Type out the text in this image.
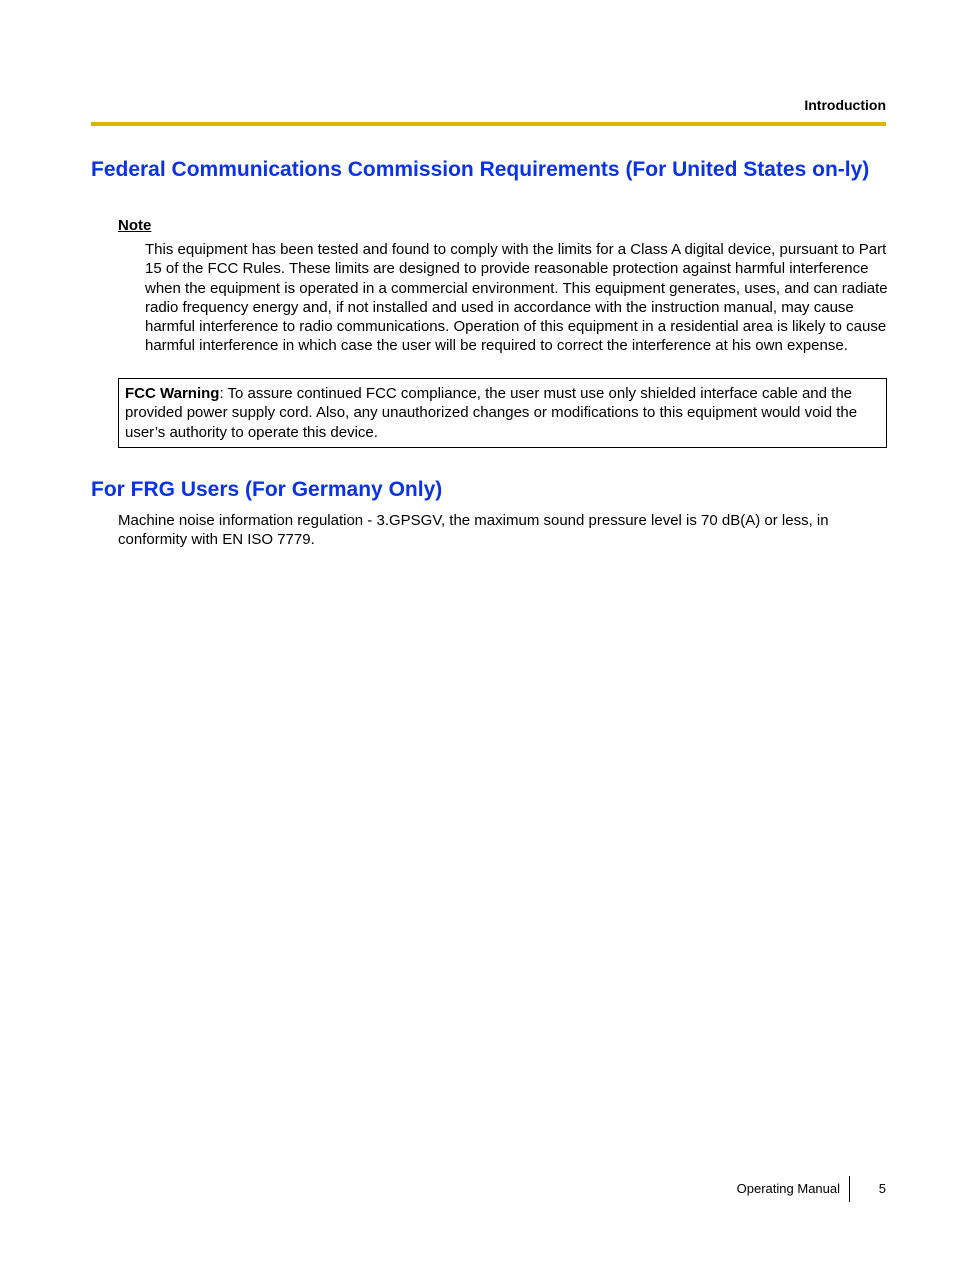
Introduction
Federal Communications Commission Requirements (For United States on-ly)
Note

This equipment has been tested and found to comply with the limits for a Class A digital device, pursuant to Part 15 of the FCC Rules. These limits are designed to provide reasonable protection against harmful interference when the equipment is operated in a commercial environment. This equipment generates, uses, and can radiate radio frequency energy and, if not installed and used in accordance with the instruction manual, may cause harmful interference to radio communications. Operation of this equipment in a residential area is likely to cause harmful interference in which case the user will be required to correct the interference at his own expense.

FCC Warning: To assure continued FCC compliance, the user must use only shielded interface cable and the provided power supply cord. Also, any unauthorized changes or modifications to this equipment would void the user’s authority to operate this device.
For FRG Users (For Germany Only)

Machine noise information regulation - 3.GPSGV, the maximum sound pressure level is 70 dB(A) or less, in conformity with EN ISO 7779.

Operating Manual	5
